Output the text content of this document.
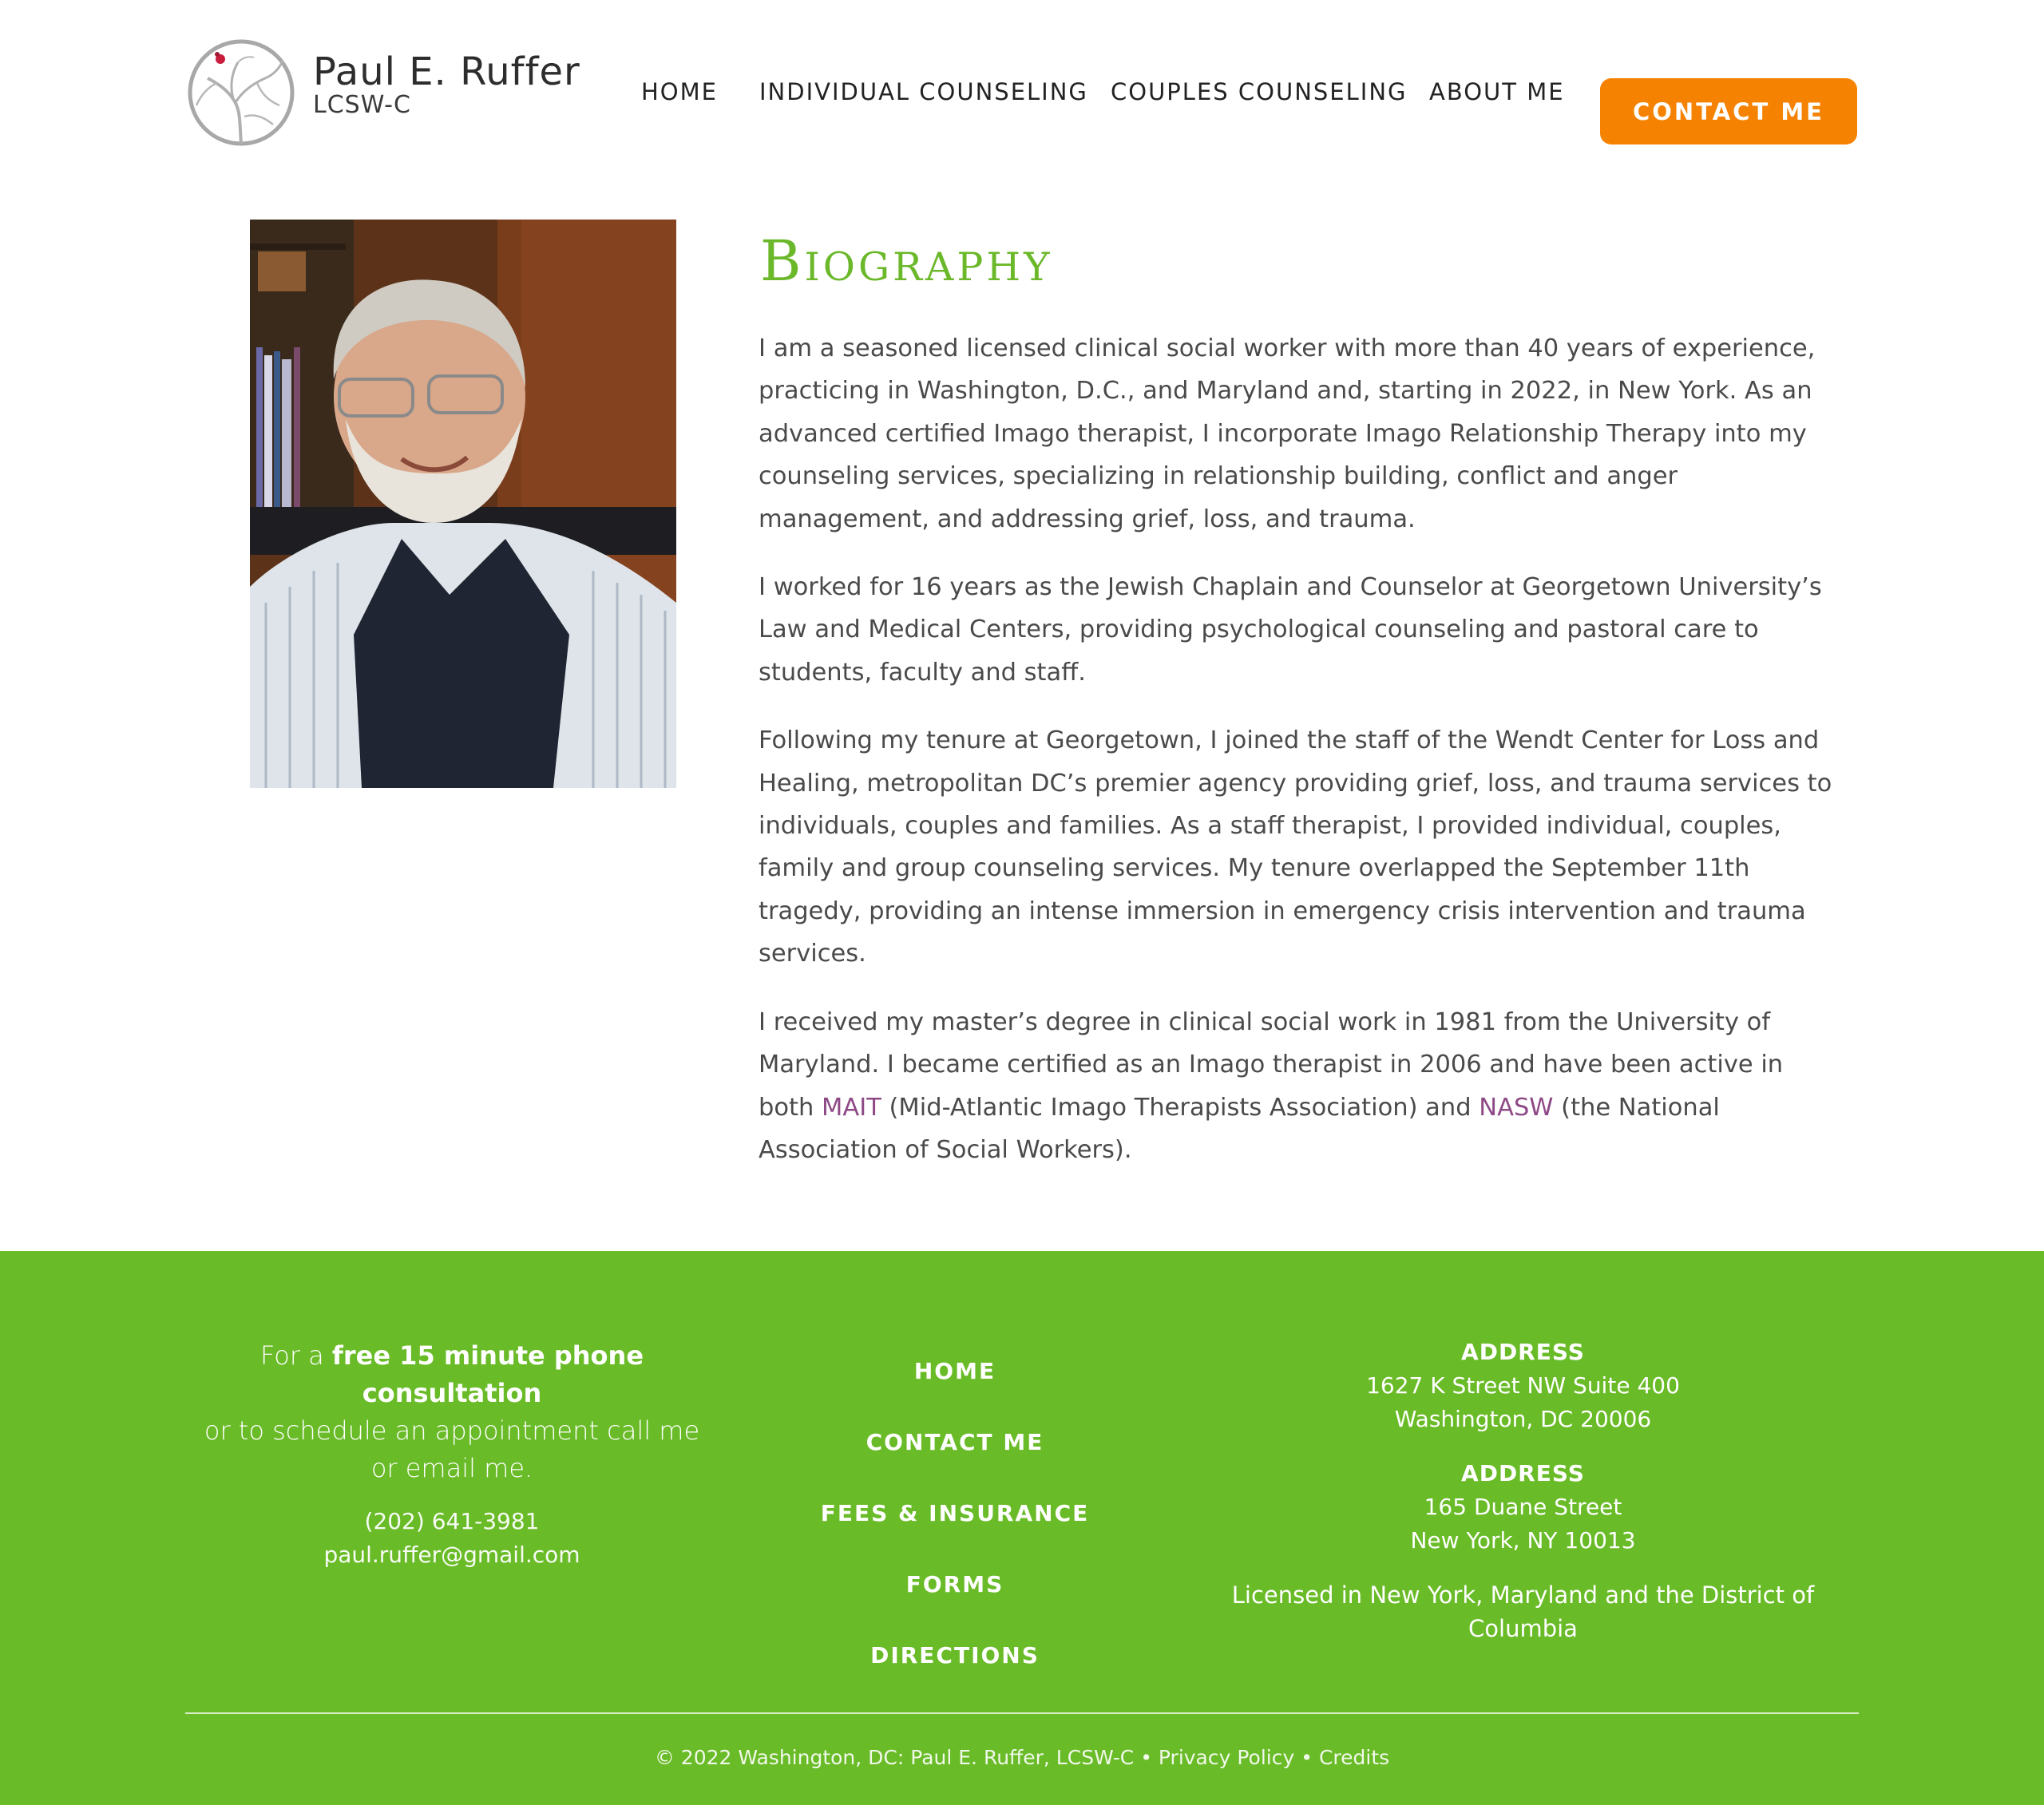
Paul E. Ruffer
LCSW-C	HOME INDIVIDUAL COUNSELING COUPLES COUNSELING ABOUT ME
CONTACT ME
Biography

I am a seasoned licensed clinical social worker with more than 40 years of experience, practicing in Washington, D.C., and Maryland and, starting in 2022, in New York. As an advanced certified Imago therapist, I incorporate Imago Relationship Therapy into my counseling services, specializing in relationship building, conflict and anger management, and addressing grief, loss, and trauma.

I worked for 16 years as the Jewish Chaplain and Counselor at Georgetown University’s Law and Medical Centers, providing psychological counseling and pastoral care to students, faculty and staff.

Following my tenure at Georgetown, I joined the staff of the Wendt Center for Loss and Healing, metropolitan DC’s premier agency providing grief, loss, and trauma services to individuals, couples and families. As a staff therapist, I provided individual, couples, family and group counseling services. My tenure overlapped the September 11th tragedy, providing an intense immersion in emergency crisis intervention and trauma services.

I received my master’s degree in clinical social work in 1981 from the University of Maryland. I became certified as an Imago therapist in 2006 and have been active in both MAIT (Mid-Atlantic Imago Therapists Association) and NASW (the National Association of Social Workers).

For a free 15 minute phone consultation
or to schedule an appointment call me
or email me.
(202) 641-3981
paul.ruffer@gmail.com
HOME
CONTACT ME
FEES & INSURANCE
FORMS
DIRECTIONS
ADDRESS
1627 K Street NW Suite 400
Washington, DC 20006
ADDRESS
165 Duane Street
New York, NY 10013
Licensed in New York, Maryland and the District of Columbia
© 2022 Washington, DC: Paul E. Ruffer, LCSW-C • Privacy Policy • Credits
